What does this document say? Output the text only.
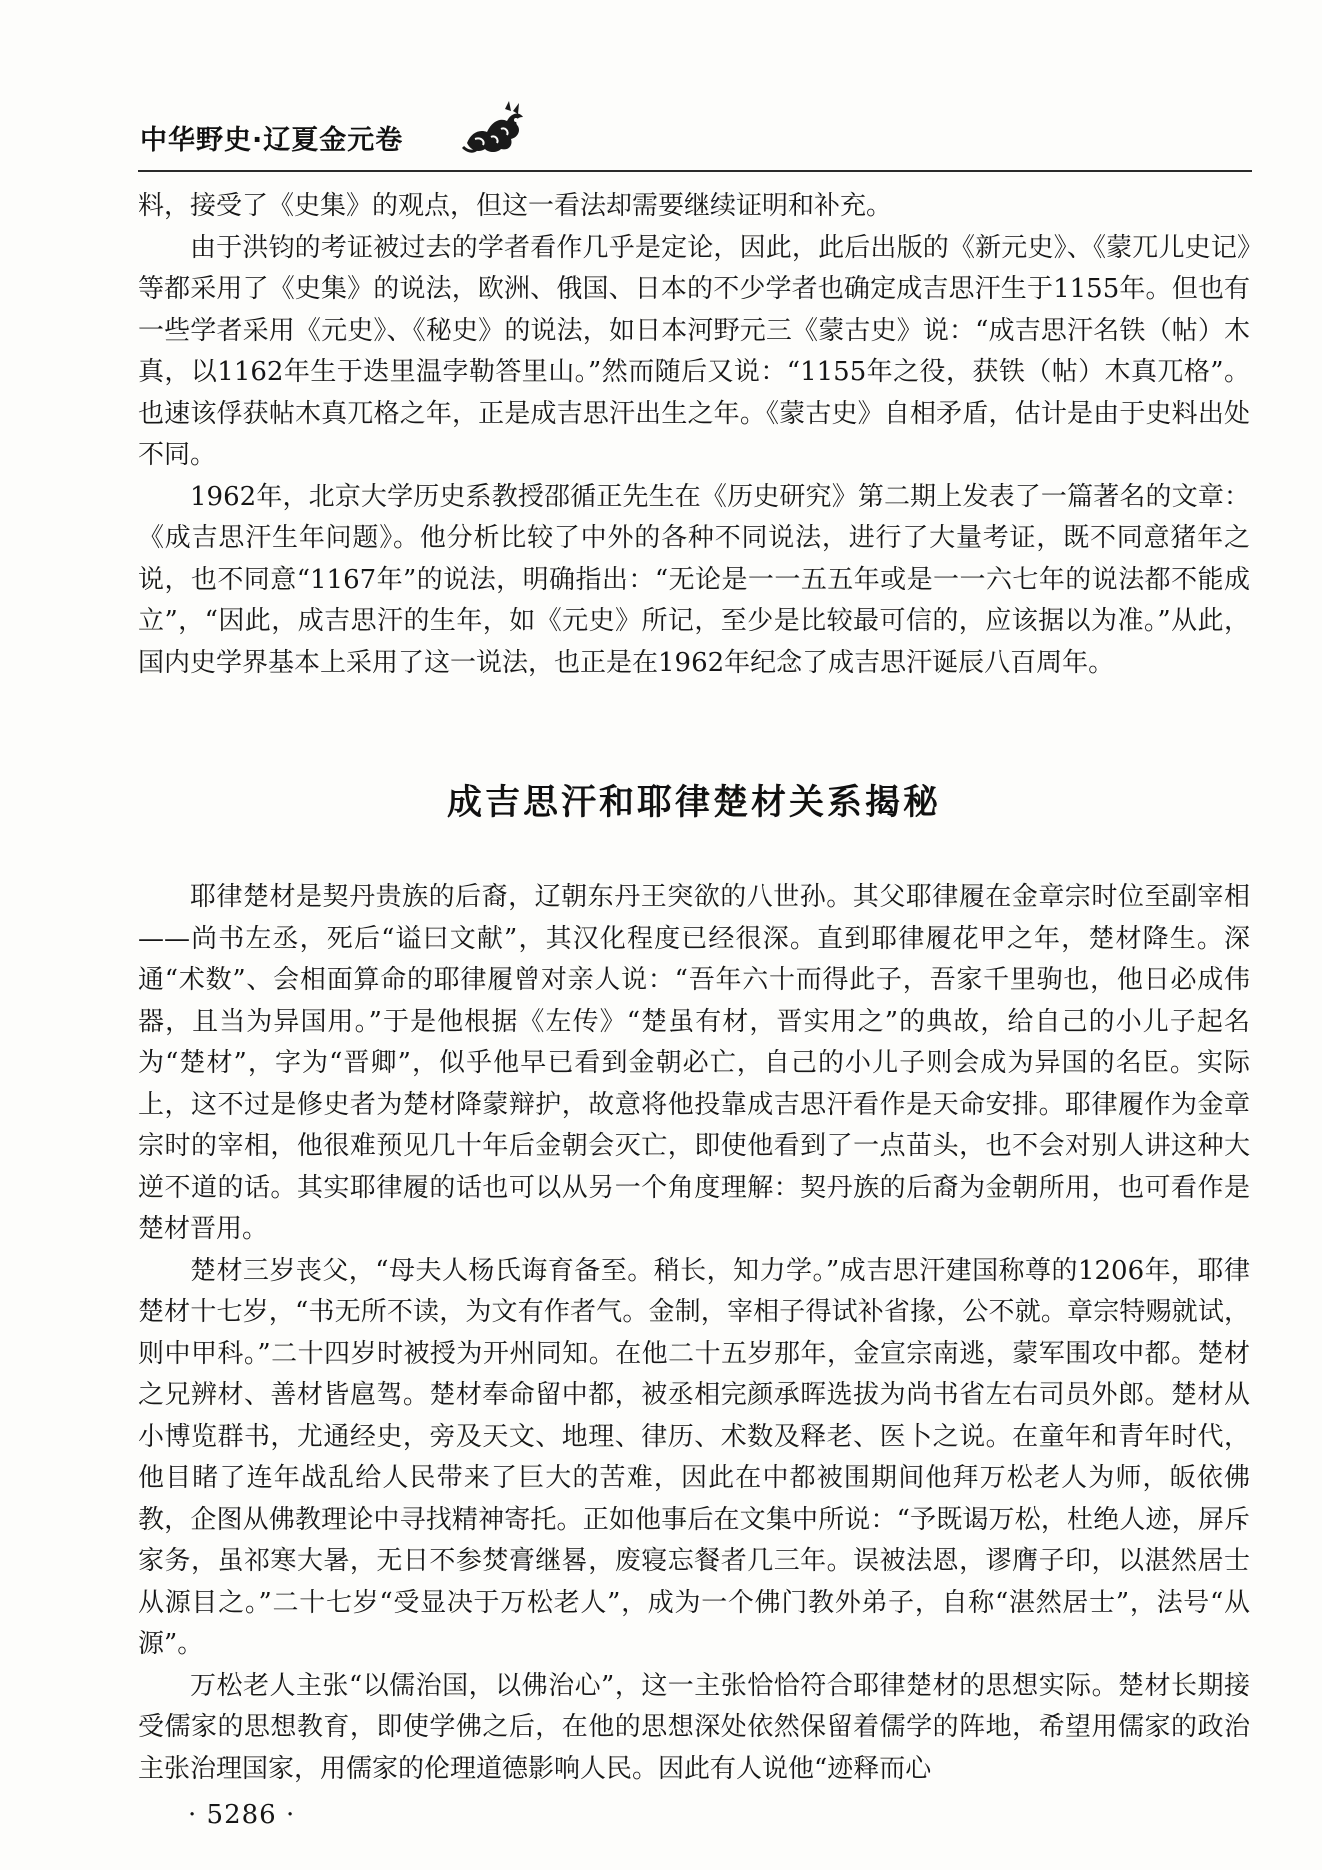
中华野史·辽夏金元卷

料，接受了《史集》的观点，但这一看法却需要继续证明和补充。

由于洪钧的考证被过去的学者看作几乎是定论，因此，此后出版的《新元史》、《蒙兀儿史记》等都采用了《史集》的说法，欧洲、俄国、日本的不少学者也确定成吉思汗生于1155年。但也有一些学者采用《元史》、《秘史》的说法，如日本河野元三《蒙古史》说：“成吉思汗名铁（帖）木真，以1162年生于迭里温孛勒答里山。”然而随后又说：“1155年之役，获铁（帖）木真兀格”。也速该俘获帖木真兀格之年，正是成吉思汗出生之年。《蒙古史》自相矛盾，估计是由于史料出处不同。

1962年，北京大学历史系教授邵循正先生在《历史研究》第二期上发表了一篇著名的文章：《成吉思汗生年问题》。他分析比较了中外的各种不同说法，进行了大量考证，既不同意猪年之说，也不同意“1167年”的说法，明确指出：“无论是一一五五年或是一一六七年的说法都不能成立”，“因此，成吉思汗的生年，如《元史》所记，至少是比较最可信的，应该据以为准。”从此，国内史学界基本上采用了这一说法，也正是在1962年纪念了成吉思汗诞辰八百周年。

成吉思汗和耶律楚材关系揭秘

耶律楚材是契丹贵族的后裔，辽朝东丹王突欲的八世孙。其父耶律履在金章宗时位至副宰相——尚书左丞，死后“谥曰文献”，其汉化程度已经很深。直到耶律履花甲之年，楚材降生。深通“术数”、会相面算命的耶律履曾对亲人说：“吾年六十而得此子，吾家千里驹也，他日必成伟器，且当为异国用。”于是他根据《左传》“楚虽有材，晋实用之”的典故，给自己的小儿子起名为“楚材”，字为“晋卿”，似乎他早已看到金朝必亡，自己的小儿子则会成为异国的名臣。实际上，这不过是修史者为楚材降蒙辩护，故意将他投靠成吉思汗看作是天命安排。耶律履作为金章宗时的宰相，他很难预见几十年后金朝会灭亡，即使他看到了一点苗头，也不会对别人讲这种大逆不道的话。其实耶律履的话也可以从另一个角度理解：契丹族的后裔为金朝所用，也可看作是楚材晋用。

楚材三岁丧父，“母夫人杨氏诲育备至。稍长，知力学。”成吉思汗建国称尊的1206年，耶律楚材十七岁，“书无所不读，为文有作者气。金制，宰相子得试补省掾，公不就。章宗特赐就试，则中甲科。”二十四岁时被授为开州同知。在他二十五岁那年，金宣宗南逃，蒙军围攻中都。楚材之兄辨材、善材皆扈驾。楚材奉命留中都，被丞相完颜承晖选拔为尚书省左右司员外郎。楚材从小博览群书，尤通经史，旁及天文、地理、律历、术数及释老、医卜之说。在童年和青年时代，他目睹了连年战乱给人民带来了巨大的苦难，因此在中都被围期间他拜万松老人为师，皈依佛教，企图从佛教理论中寻找精神寄托。正如他事后在文集中所说：“予既谒万松，杜绝人迹，屏斥家务，虽祁寒大暑，无日不参焚膏继晷，废寝忘餐者几三年。误被法恩，谬膺子印，以湛然居士从源目之。”二十七岁“受显决于万松老人”，成为一个佛门教外弟子，自称“湛然居士”，法号“从源”。

万松老人主张“以儒治国，以佛治心”，这一主张恰恰符合耶律楚材的思想实际。楚材长期接受儒家的思想教育，即使学佛之后，在他的思想深处依然保留着儒学的阵地，希望用儒家的政治主张治理国家，用儒家的伦理道德影响人民。因此有人说他“迹释而心

· 5286 ·
